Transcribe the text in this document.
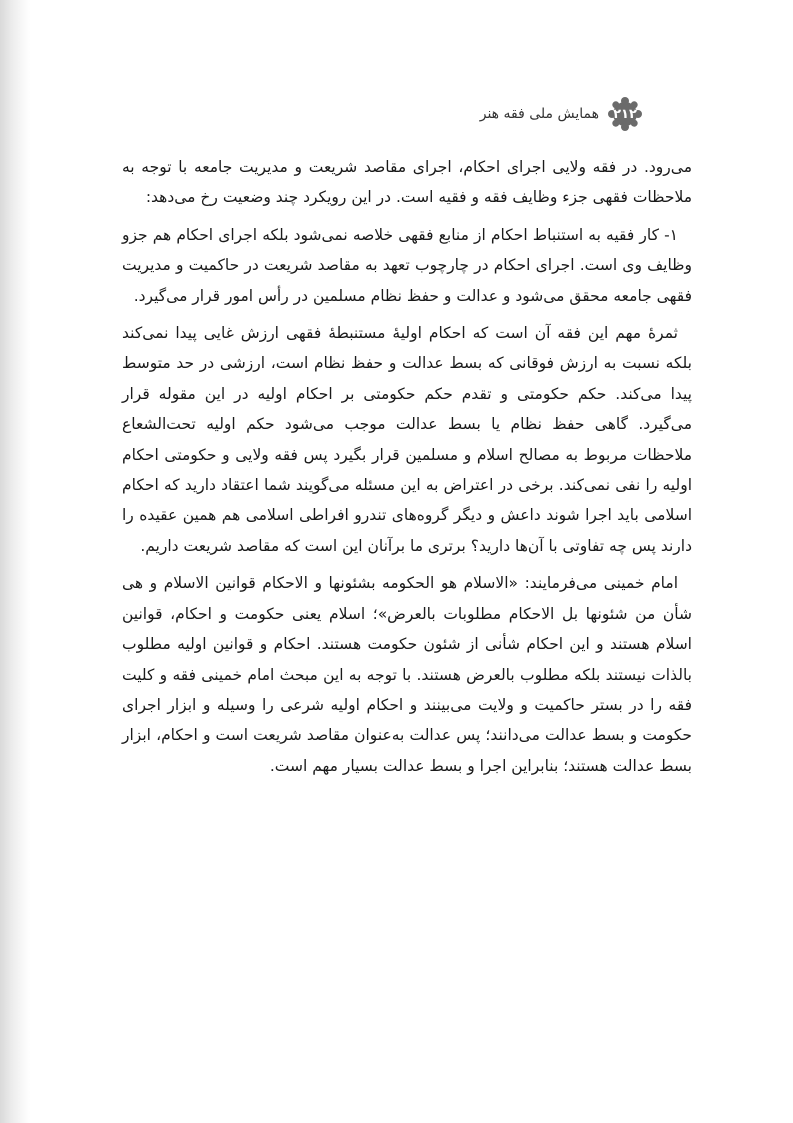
۲۱۲
همایش ملی فقه هنر

می‌رود. در فقه ولایی اجرای احکام، اجرای مقاصد شریعت و مدیریت جامعه با توجه به ملاحظات فقهی جزء وظایف فقه و فقیه است. در این رویکرد چند وضعیت رخ می‌دهد:

۱- کار فقیه به استنباط احکام از منابع فقهی خلاصه نمی‌شود بلکه اجرای احکام هم جزو وظایف وی است. اجرای احکام در چارچوب تعهد به مقاصد شریعت در حاکمیت و مدیریت فقهی جامعه محقق می‌شود و عدالت و حفظ نظام مسلمین در رأس امور قرار می‌گیرد.

ثمرهٔ مهم این فقه آن است که احکام اولیهٔ مستنبطهٔ فقهی ارزش غایی پیدا نمی‌کند بلکه نسبت به ارزش فوقانی که بسط عدالت و حفظ نظام است، ارزشی در حد متوسط پیدا می‌کند. حکم حکومتی و تقدم حکم حکومتی بر احکام اولیه در این مقوله قرار می‌گیرد. گاهی حفظ نظام یا بسط عدالت موجب می‌شود حکم اولیه تحت‌الشعاع ملاحظات مربوط به مصالح اسلام و مسلمین قرار بگیرد پس فقه ولایی و حکومتی احکام اولیه را نفی نمی‌کند. برخی در اعتراض به این مسئله می‌گویند شما اعتقاد دارید که احکام اسلامی باید اجرا شوند داعش و دیگر گروه‌های تندرو افراطی اسلامی هم همین عقیده را دارند پس چه تفاوتی با آن‌ها دارید؟ برتری ما برآنان این است که مقاصد شریعت داریم.

امام خمینی می‌فرمایند: «الاسلام هو الحکومه بشئونها و الاحکام قوانین الاسلام و هی شأن من شئونها بل الاحکام مطلوبات بالعرض»؛ اسلام یعنی حکومت و احکام، قوانین اسلام هستند و این احکام شأنی از شئون حکومت هستند. احکام و قوانین اولیه مطلوب بالذات نیستند بلکه مطلوب بالعرض هستند. با توجه به این مبحث امام خمینی فقه و کلیت فقه را در بستر حاکمیت و ولایت می‌بینند و احکام اولیه شرعی را وسیله و ابزار اجرای حکومت و بسط عدالت می‌دانند؛ پس عدالت به‌عنوان مقاصد شریعت است و احکام، ابزار بسط عدالت هستند؛ بنابراین اجرا و بسط عدالت بسیار مهم است.
